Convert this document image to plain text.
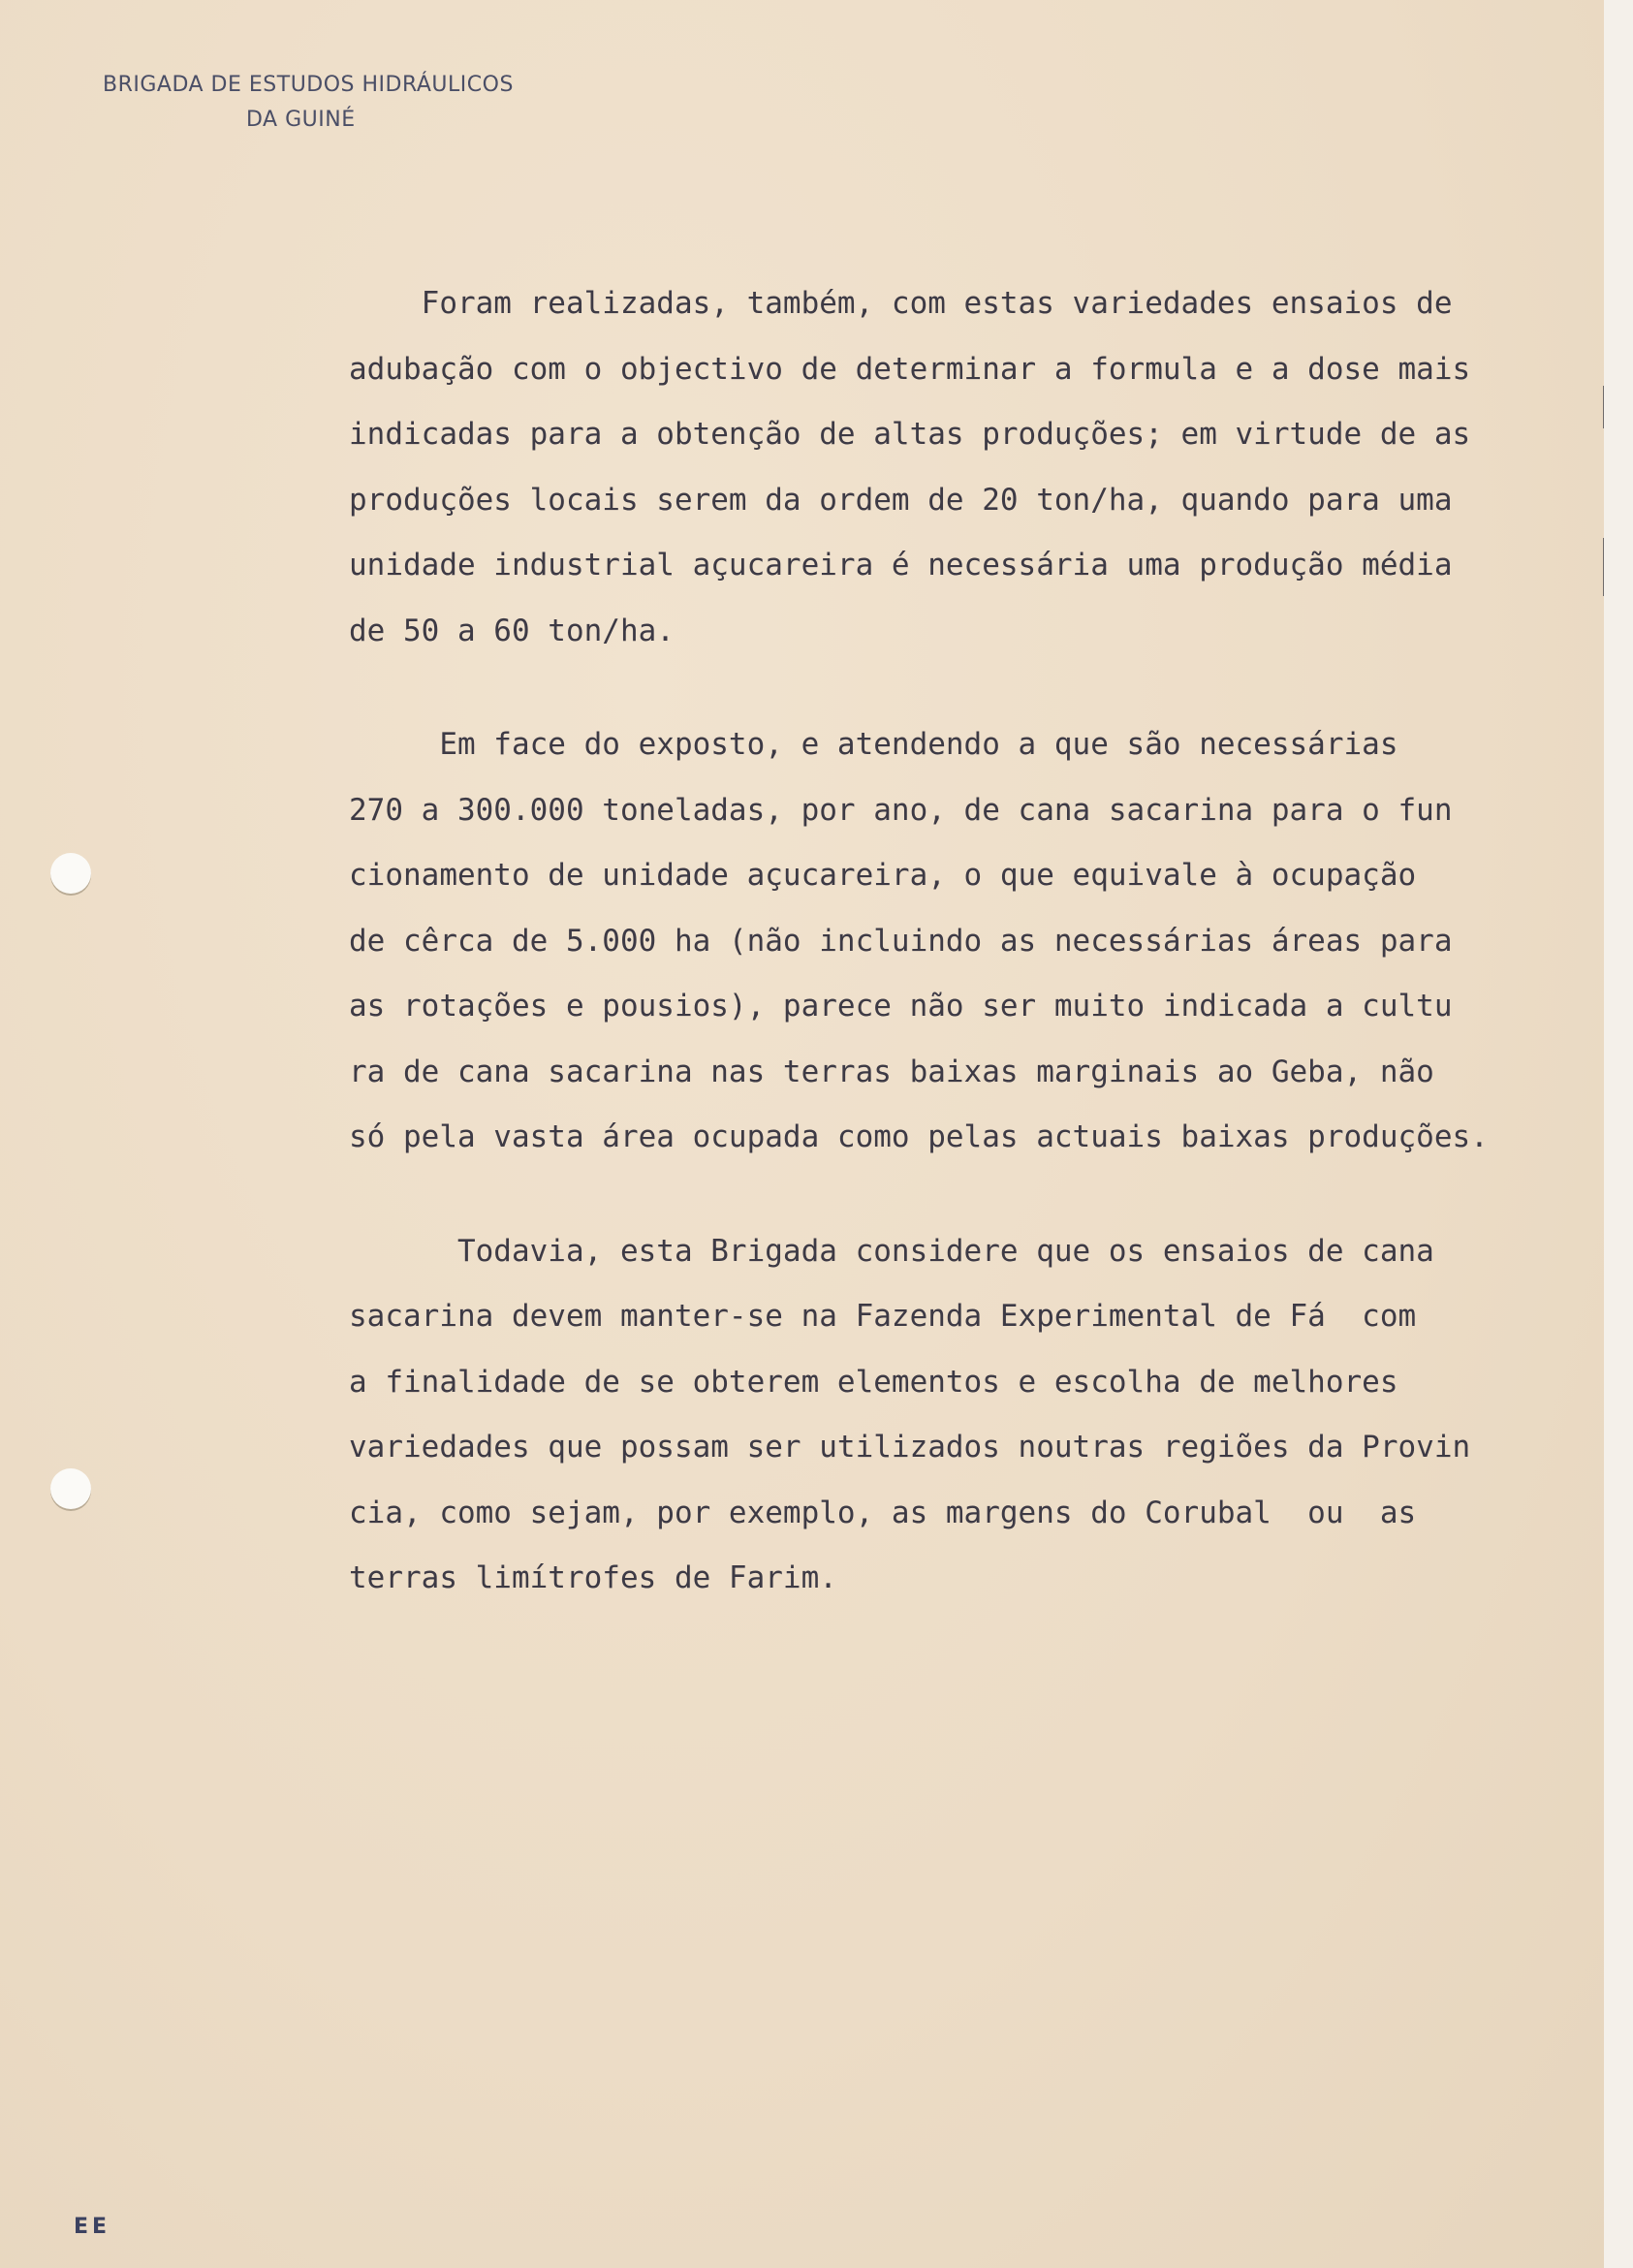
BRIGADA DE ESTUDOS HIDRÁULICOS
DA GUINÉ

Foram realizadas, também, com estas variedades ensaios de
adubação com o objectivo de determinar a formula e a dose mais
indicadas para a obtenção de altas produções; em virtude de as
produções locais serem da ordem de 20 ton/ha, quando para uma
unidade industrial açucareira é necessária uma produção média
de 50 a 60 ton/ha.

Em face do exposto, e atendendo a que são necessárias
270 a 300.000 toneladas, por ano, de cana sacarina para o fun
cionamento de unidade açucareira, o que equivale à ocupação
de cêrca de 5.000 ha (não incluindo as necessárias áreas para
as rotações e pousios), parece não ser muito indicada a cultu
ra de cana sacarina nas terras baixas marginais ao Geba, não
só pela vasta área ocupada como pelas actuais baixas produções.

Todavia, esta Brigada considere que os ensaios de cana
sacarina devem manter-se na Fazenda Experimental de Fá  com
a finalidade de se obterem elementos e escolha de melhores
variedades que possam ser utilizados noutras regiões da Provin
cia, como sejam, por exemplo, as margens do Corubal  ou  as
terras limítrofes de Farim.

EE
